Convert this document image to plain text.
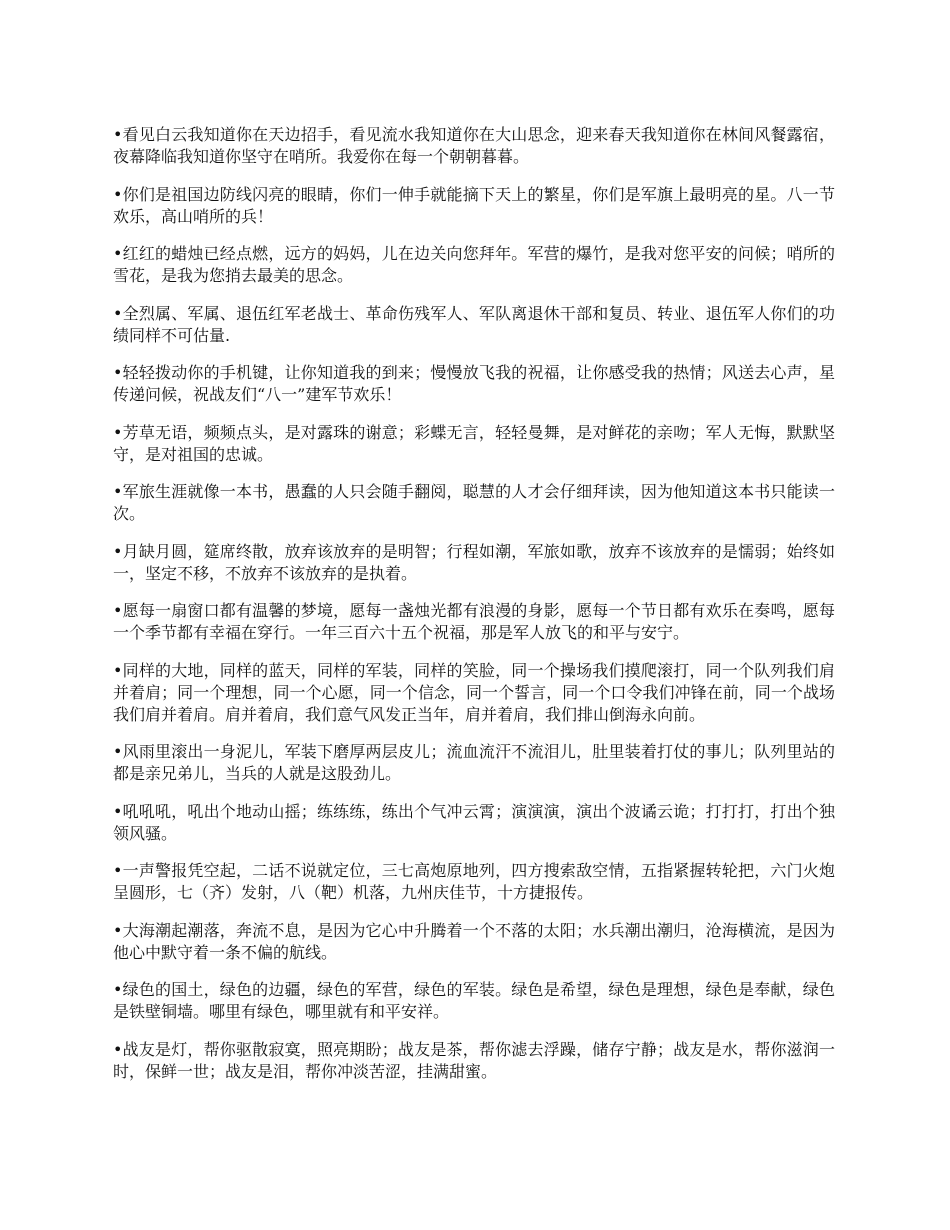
•看见白云我知道你在天边招手，看见流水我知道你在大山思念，迎来春天我知道你在林间风餐露宿，夜幕降临我知道你坚守在哨所。我爱你在每一个朝朝暮暮。

•你们是祖国边防线闪亮的眼睛，你们一伸手就能摘下天上的繁星，你们是军旗上最明亮的星。八一节欢乐，高山哨所的兵！

•红红的蜡烛已经点燃，远方的妈妈，儿在边关向您拜年。军营的爆竹，是我对您平安的问候；哨所的雪花，是我为您捎去最美的思念。

•全烈属、军属、退伍红军老战士、革命伤残军人、军队离退休干部和复员、转业、退伍军人你们的功绩同样不可估量.

•轻轻拨动你的手机键，让你知道我的到来；慢慢放飞我的祝福，让你感受我的热情；风送去心声，星传递问候，祝战友们“八一”建军节欢乐！

•芳草无语，频频点头，是对露珠的谢意；彩蝶无言，轻轻曼舞，是对鲜花的亲吻；军人无悔，默默坚守，是对祖国的忠诚。

•军旅生涯就像一本书，愚蠢的人只会随手翻阅，聪慧的人才会仔细拜读，因为他知道这本书只能读一次。

•月缺月圆，筵席终散，放弃该放弃的是明智；行程如潮，军旅如歌，放弃不该放弃的是懦弱；始终如一，坚定不移，不放弃不该放弃的是执着。

•愿每一扇窗口都有温馨的梦境，愿每一盏烛光都有浪漫的身影，愿每一个节日都有欢乐在奏鸣，愿每一个季节都有幸福在穿行。一年三百六十五个祝福，那是军人放飞的和平与安宁。

•同样的大地，同样的蓝天，同样的军装，同样的笑脸，同一个操场我们摸爬滚打，同一个队列我们肩并着肩；同一个理想，同一个心愿，同一个信念，同一个誓言，同一个口令我们冲锋在前，同一个战场我们肩并着肩。肩并着肩，我们意气风发正当年，肩并着肩，我们排山倒海永向前。

•风雨里滚出一身泥儿，军装下磨厚两层皮儿；流血流汗不流泪儿，肚里装着打仗的事儿；队列里站的都是亲兄弟儿，当兵的人就是这股劲儿。

•吼吼吼，吼出个地动山摇；练练练，练出个气冲云霄；演演演，演出个波谲云诡；打打打，打出个独领风骚。

•一声警报凭空起，二话不说就定位，三七高炮原地列，四方搜索敌空情，五指紧握转轮把，六门火炮呈圆形，七（齐）发射，八（靶）机落，九州庆佳节，十方捷报传。

•大海潮起潮落，奔流不息，是因为它心中升腾着一个不落的太阳；水兵潮出潮归，沧海横流，是因为他心中默守着一条不偏的航线。

•绿色的国土，绿色的边疆，绿色的军营，绿色的军装。绿色是希望，绿色是理想，绿色是奉献，绿色是铁壁铜墙。哪里有绿色，哪里就有和平安祥。

•战友是灯，帮你驱散寂寞，照亮期盼；战友是茶，帮你滤去浮躁，储存宁静；战友是水，帮你滋润一时，保鲜一世；战友是泪，帮你冲淡苦涩，挂满甜蜜。
